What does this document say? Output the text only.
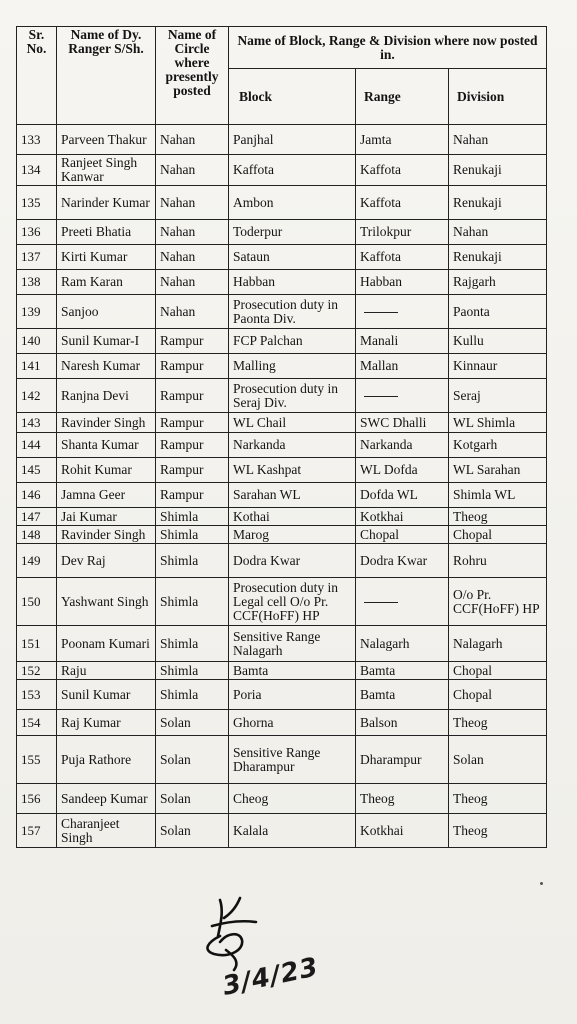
Sr. No.	Name of Dy. Ranger S/Sh.	Name of Circle where presently posted	Name of Block, Range & Division where now posted in.		
			Block	Range	Division
133	Parveen Thakur	Nahan	Panjhal	Jamta	Nahan
134	Ranjeet Singh Kanwar	Nahan	Kaffota	Kaffota	Renukaji
135	Narinder Kumar	Nahan	Ambon	Kaffota	Renukaji
136	Preeti Bhatia	Nahan	Toderpur	Trilokpur	Nahan
137	Kirti Kumar	Nahan	Sataun	Kaffota	Renukaji
138	Ram Karan	Nahan	Habban	Habban	Rajgarh
139	Sanjoo	Nahan	Prosecution duty in Paonta Div.		Paonta
140	Sunil Kumar-I	Rampur	FCP Palchan	Manali	Kullu
141	Naresh Kumar	Rampur	Malling	Mallan	Kinnaur
142	Ranjna Devi	Rampur	Prosecution duty in Seraj Div.		Seraj
143	Ravinder Singh	Rampur	WL Chail	SWC Dhalli	WL Shimla
144	Shanta Kumar	Rampur	Narkanda	Narkanda	Kotgarh
145	Rohit Kumar	Rampur	WL Kashpat	WL Dofda	WL Sarahan
146	Jamna Geer	Rampur	Sarahan WL	Dofda WL	Shimla WL
147	Jai Kumar	Shimla	Kothai	Kotkhai	Theog
148	Ravinder Singh	Shimla	Marog	Chopal	Chopal
149	Dev Raj	Shimla	Dodra Kwar	Dodra Kwar	Rohru
150	Yashwant Singh	Shimla	Prosecution duty in Legal cell O/o Pr. CCF(HoFF) HP		O/o Pr. CCF(HoFF) HP
151	Poonam Kumari	Shimla	Sensitive Range Nalagarh	Nalagarh	Nalagarh
152	Raju	Shimla	Bamta	Bamta	Chopal
153	Sunil Kumar	Shimla	Poria	Bamta	Chopal
154	Raj Kumar	Solan	Ghorna	Balson	Theog
155	Puja Rathore	Solan	Sensitive Range Dharampur	Dharampur	Solan
156	Sandeep Kumar	Solan	Cheog	Theog	Theog
157	Charanjeet Singh	Solan	Kalala	Kotkhai	Theog
3/4/23
